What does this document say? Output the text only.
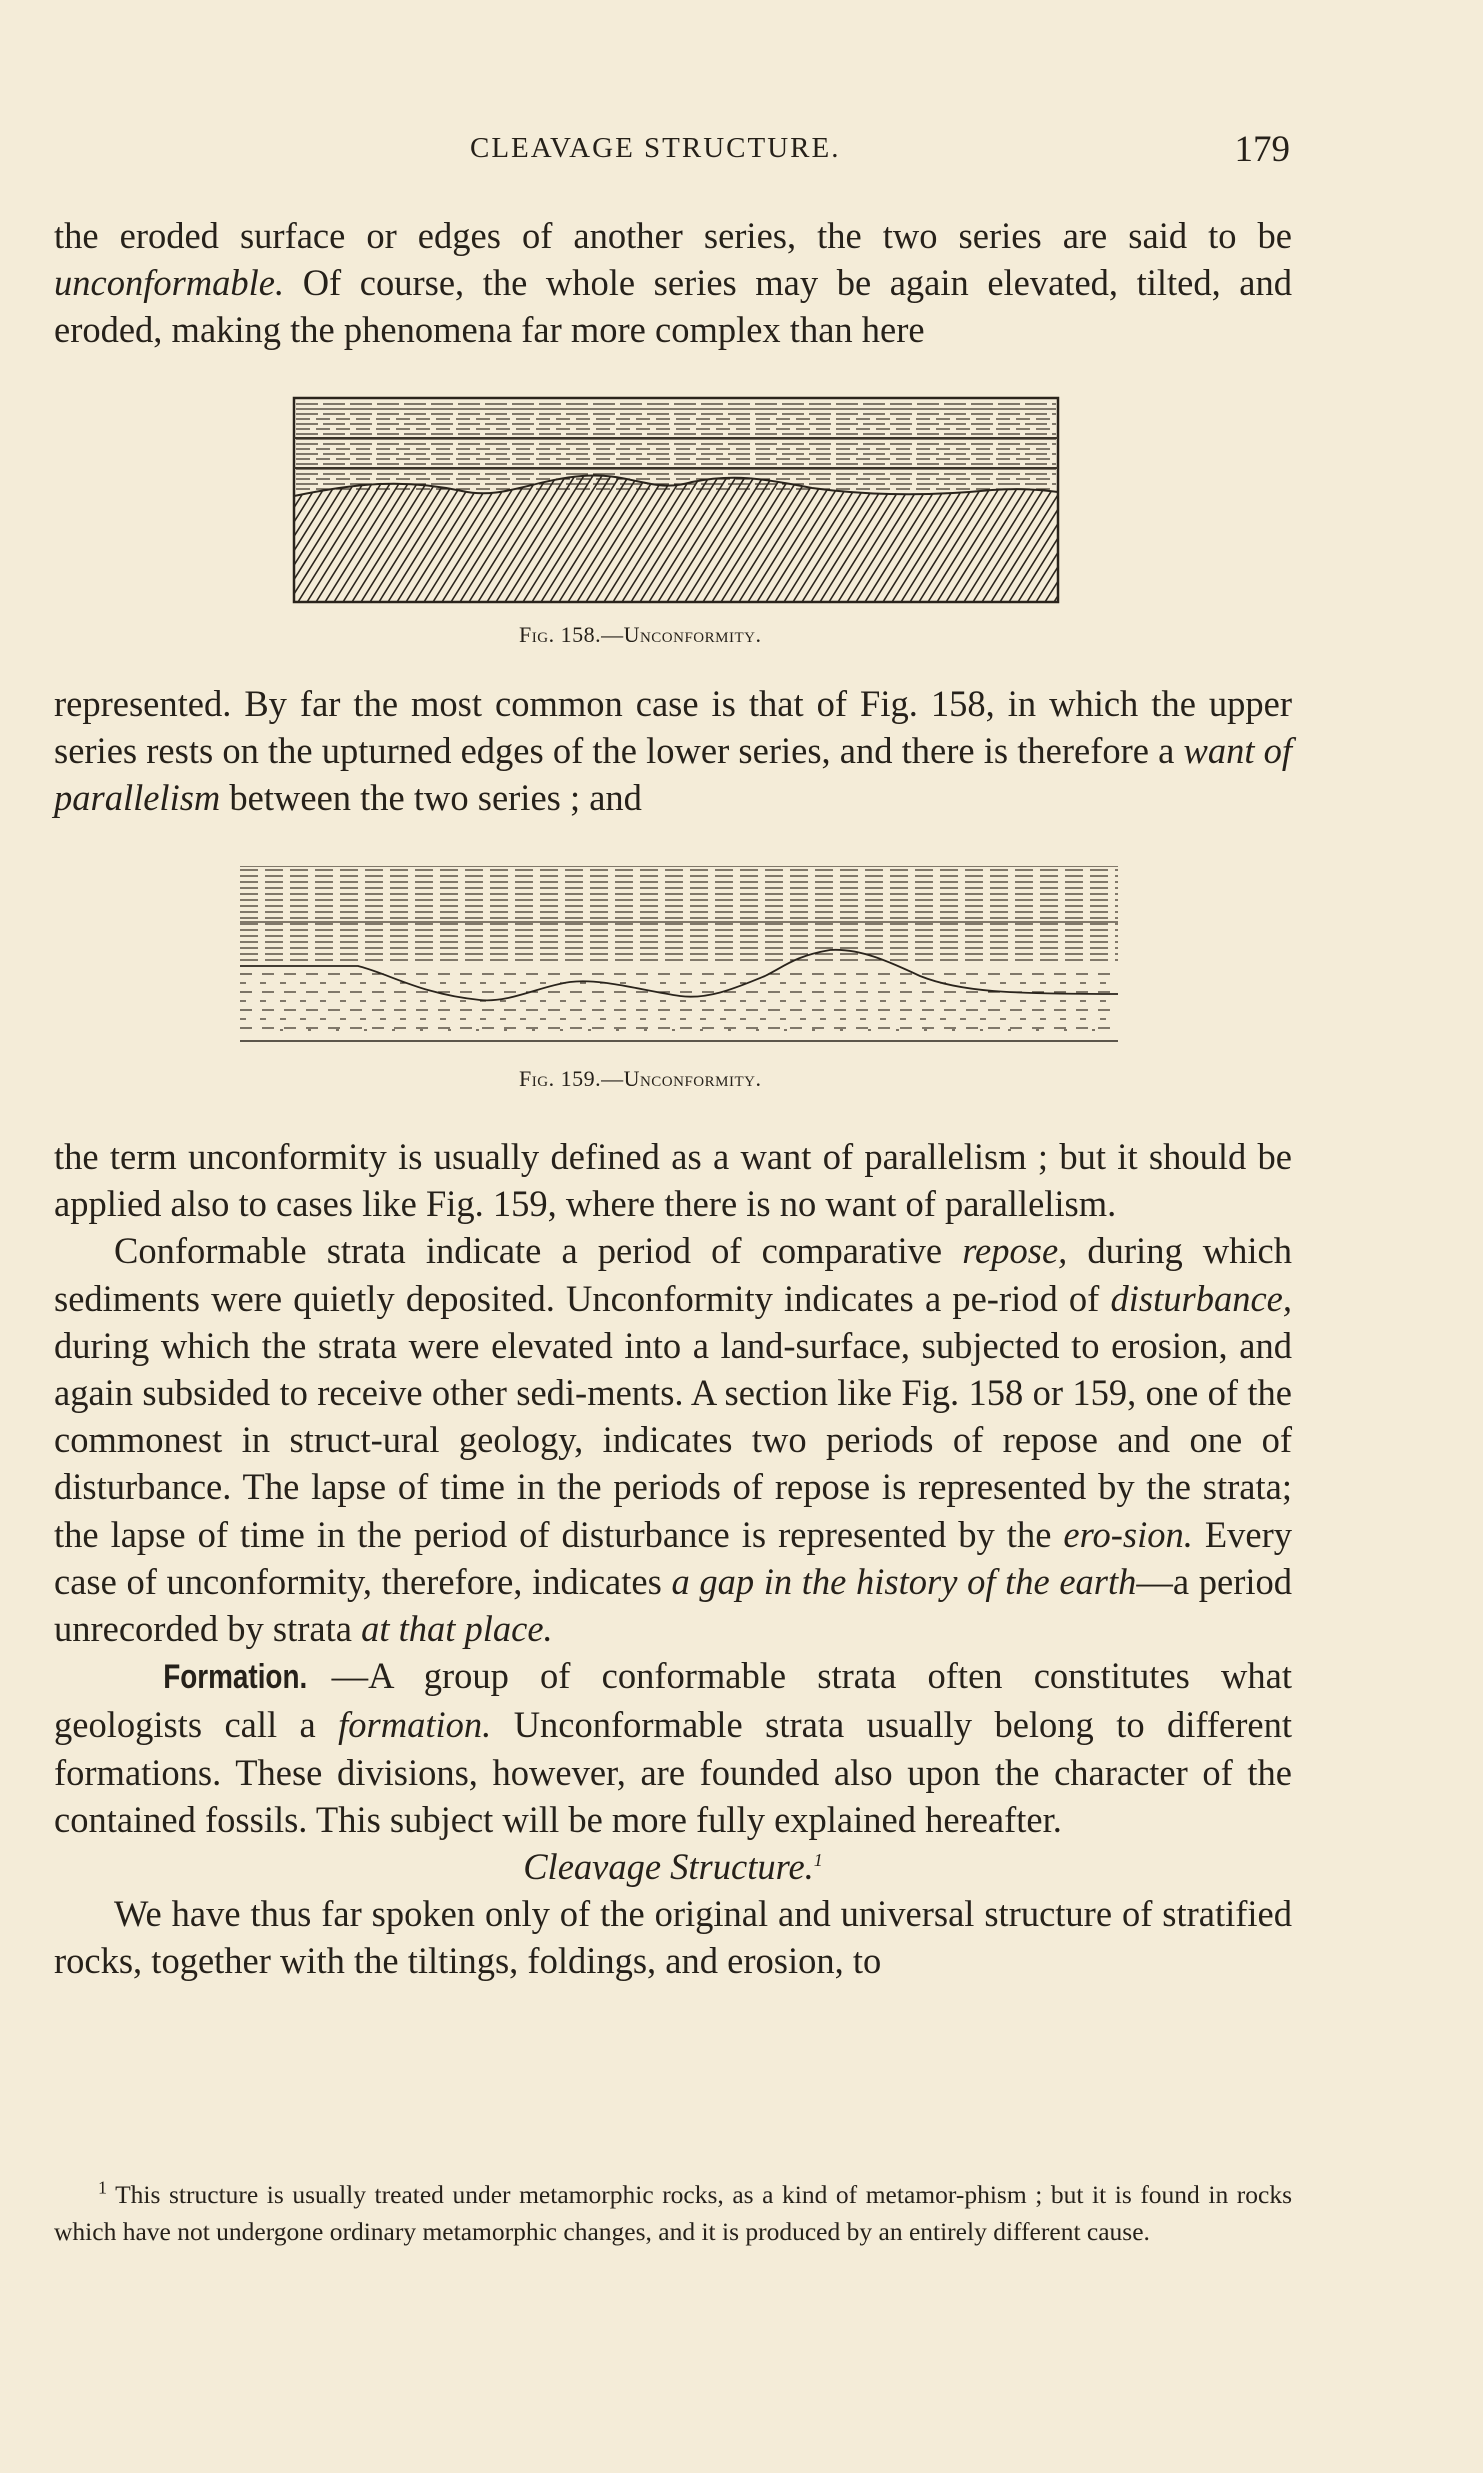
CLEAVAGE STRUCTURE.	179

the eroded surface or edges of another series, the two series are said to be unconformable. Of course, the whole series may be again elevated, tilted, and eroded, making the phenomena far more complex than here

Fig. 158.—Unconformity.

represented. By far the most common case is that of Fig. 158, in which the upper series rests on the upturned edges of the lower series, and there is therefore a want of parallelism between the two series ; and

Fig. 159.—Unconformity.

the term unconformity is usually defined as a want of parallelism ; but it should be applied also to cases like Fig. 159, where there is no want of parallelism.

Conformable strata indicate a period of comparative repose, during which sediments were quietly deposited. Unconformity indicates a pe-riod of disturbance, during which the strata were elevated into a land-surface, subjected to erosion, and again subsided to receive other sedi-ments. A section like Fig. 158 or 159, one of the commonest in struct-ural geology, indicates two periods of repose and one of disturbance. The lapse of time in the periods of repose is represented by the strata; the lapse of time in the period of disturbance is represented by the ero-sion. Every case of unconformity, therefore, indicates a gap in the history of the earth—a period unrecorded by strata at that place.

Formation. —A group of conformable strata often constitutes what geologists call a formation. Unconformable strata usually belong to different formations. These divisions, however, are founded also upon the character of the contained fossils. This subject will be more fully explained hereafter.

Cleavage Structure.$^1$

We have thus far spoken only of the original and universal structure of stratified rocks, together with the tiltings, foldings, and erosion, to

$^1$ This structure is usually treated under metamorphic rocks, as a kind of metamor-phism ; but it is found in rocks which have not undergone ordinary metamorphic changes, and it is produced by an entirely different cause.
